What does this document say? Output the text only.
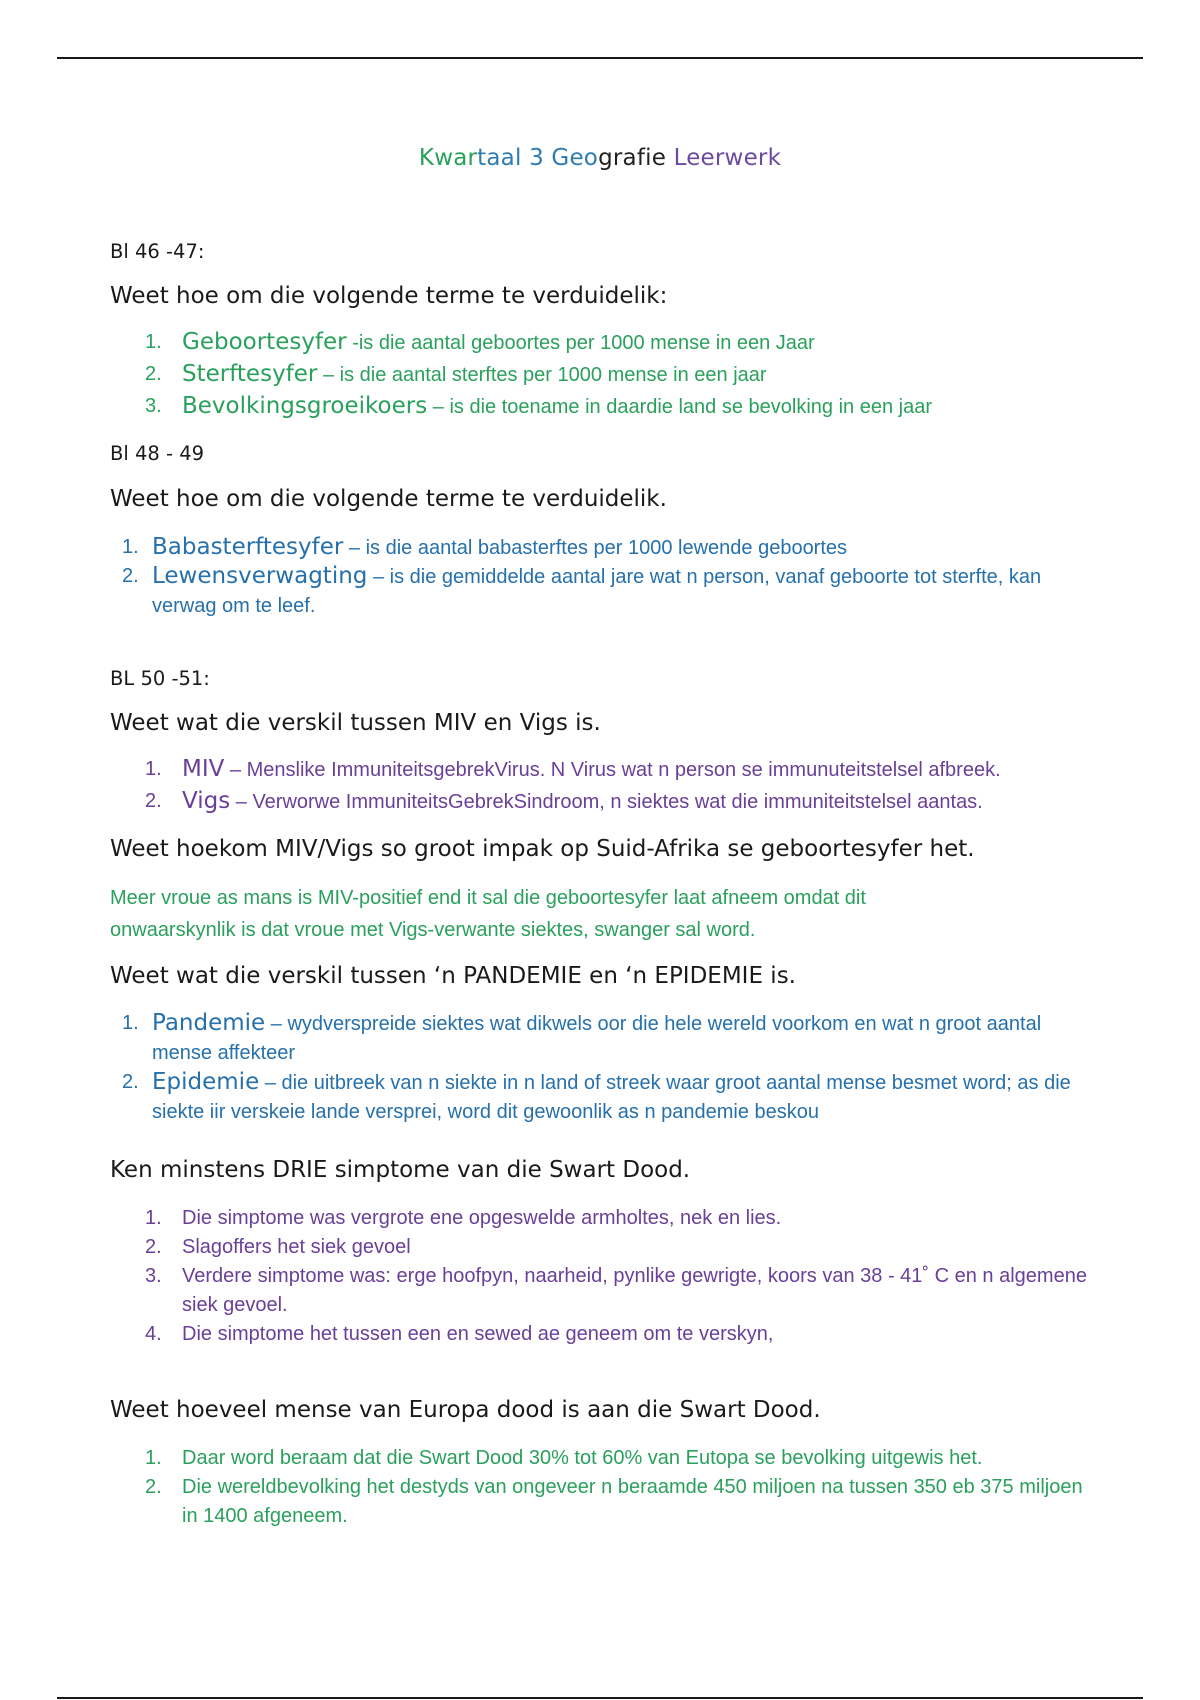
Kwartaal 3 Geografie Leerwerk
Bl 46 -47:
Weet hoe om die volgende terme te verduidelik:
1. Geboortesyfer -is die aantal geboortes per 1000 mense in een Jaar
2. Sterftesyfer – is die aantal sterftes per 1000 mense in een jaar
3. Bevolkingsgroeikoers – is die toename in daardie land se bevolking in een jaar
Bl 48 - 49
Weet hoe om die volgende terme te verduidelik.
1. Babasterftesyfer – is die aantal babasterftes per 1000 lewende geboortes
2. Lewensverwagting – is die gemiddelde aantal jare wat n person, vanaf geboorte tot sterfte, kan verwag om te leef.
BL 50 -51:
Weet wat die verskil tussen MIV en Vigs is.
1. MIV – Menslike ImmuniteitsgebrekVirus. N Virus wat n person se immunuteitstelsel afbreek.
2. Vigs – Verworwe ImmuniteitsGebrekSindroom, n siektes wat die immuniteitstelsel aantas.
Weet hoekom MIV/Vigs so groot impak op Suid-Afrika se geboortesyfer het.
Meer vroue as mans is MIV-positief end it sal die geboortesyfer laat afneem omdat dit onwaarskynlik is dat vroue met Vigs-verwante siektes, swanger sal word.
Weet wat die verskil tussen ‘n PANDEMIE en ‘n EPIDEMIE is.
1. Pandemie – wydverspreide siektes wat dikwels oor die hele wereld voorkom en wat n groot aantal mense affekteer
2. Epidemie – die uitbreek van n siekte in n land of streek waar groot aantal mense besmet word; as die siekte iir verskeie lande versprei, word dit gewoonlik as n pandemie beskou
Ken minstens DRIE simptome van die Swart Dood.
1. Die simptome was vergrote ene opgeswelde armholtes, nek en lies.
2. Slagoffers het siek gevoel
3. Verdere simptome was: erge hoofpyn, naarheid, pynlike gewrigte, koors van 38 - 41˚ C en n algemene siek gevoel.
4. Die simptome het tussen een en sewed ae geneem om te verskyn,
Weet hoeveel mense van Europa dood is aan die Swart Dood.
1. Daar word beraam dat die Swart Dood 30% tot 60% van Eutopa se bevolking uitgewis het.
2. Die wereldbevolking het destyds van ongeveer n beraamde 450 miljoen na tussen 350 eb 375 miljoen in 1400 afgeneem.
